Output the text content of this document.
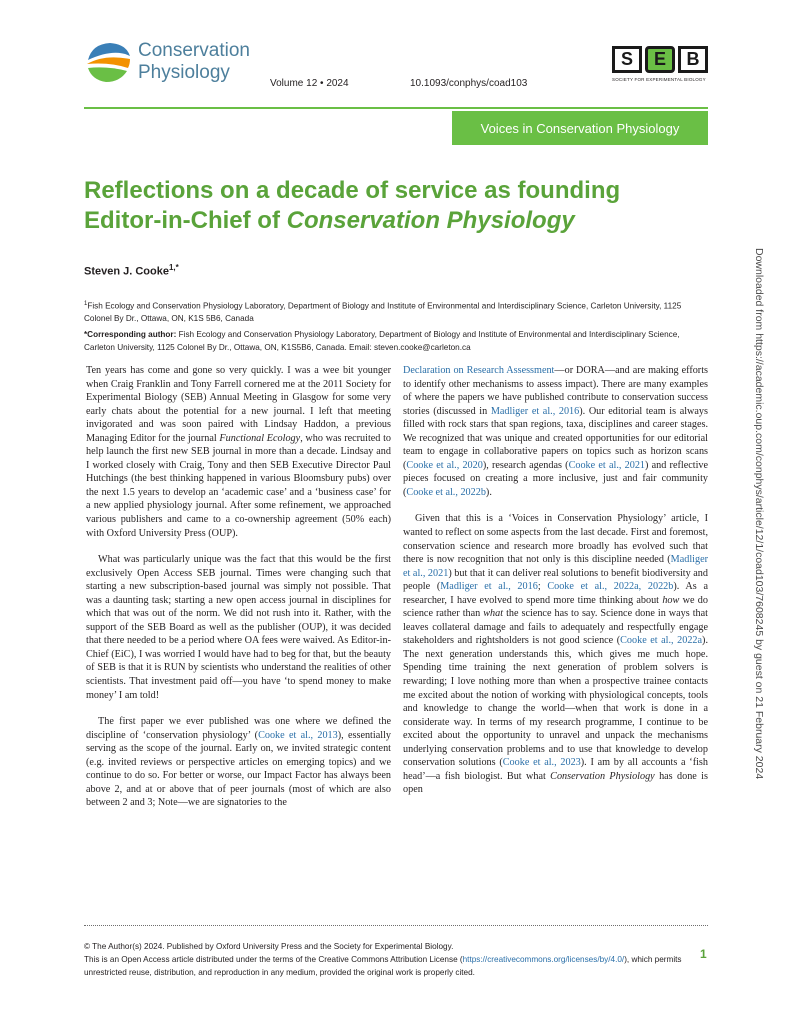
Conservation
Physiology
Volume 12 • 2024	10.1093/conphys/coad103
S	E	B
SOCIETY FOR EXPERIMENTAL BIOLOGY
Voices in Conservation Physiology
Reflections on a decade of service as founding Editor-in-Chief of Conservation Physiology
Steven J. Cooke$^{1,*}$
$^1$Fish Ecology and Conservation Physiology Laboratory, Department of Biology and Institute of Environmental and Interdisciplinary Science, Carleton University, 1125 Colonel By Dr., Ottawa, ON, K1S 5B6, Canada
*Corresponding author: Fish Ecology and Conservation Physiology Laboratory, Department of Biology and Institute of Environmental and Interdisciplinary Science, Carleton University, 1125 Colonel By Dr., Ottawa, ON, K1S5B6, Canada. Email: steven.cooke@carleton.ca

Ten years has come and gone so very quickly. I was a wee bit younger when Craig Franklin and Tony Farrell cornered me at the 2011 Society for Experimental Biology (SEB) Annual Meeting in Glasgow for some very early chats about the potential for a new journal. I left that meeting invigorated and was soon paired with Lindsay Haddon, a previous Managing Editor for the journal Functional Ecology, who was recruited to help launch the first new SEB journal in more than a decade. Lindsay and I worked closely with Craig, Tony and then SEB Executive Director Paul Hutchings (the best thinking happened in various Bloomsbury pubs) over the next 1.5 years to develop an ‘academic case’ and a ‘business case’ for a new applied physiology journal. After some refinement, we approached various publishers and came to a co-ownership agreement (50% each) with Oxford University Press (OUP).

What was particularly unique was the fact that this would be the first exclusively Open Access SEB journal. Times were changing such that starting a new subscription-based journal was simply not possible. That was a daunting task; starting a new open access journal in disciplines for which that was out of the norm. We did not rush into it. Rather, with the support of the SEB Board as well as the publisher (OUP), it was decided that there needed to be a period where OA fees were waived. As Editor-in-Chief (EiC), I was worried I would have had to beg for that, but the beauty of SEB is that it is RUN by scientists who understand the realities of other scientists. That investment paid off—you have ‘to spend money to make money’ I am told!

The first paper we ever published was one where we defined the discipline of ‘conservation physiology’ (Cooke et al., 2013), essentially serving as the scope of the journal. Early on, we invited strategic content (e.g. invited reviews or perspective articles on emerging topics) and we continue to do so. For better or worse, our Impact Factor has always been above 2, and at or above that of peer journals (most of which are also between 2 and 3; Note—we are signatories to the

Declaration on Research Assessment—or DORA—and are making efforts to identify other mechanisms to assess impact). There are many examples of where the papers we have published contribute to conservation success stories (discussed in Madliger et al., 2016). Our editorial team is always filled with rock stars that span regions, taxa, disciplines and career stages. We recognized that was unique and created opportunities for our editorial team to engage in collaborative papers on topics such as horizon scans (Cooke et al., 2020), research agendas (Cooke et al., 2021) and reflective pieces focused on creating a more inclusive, just and fair community (Cooke et al., 2022b).

Given that this is a ‘Voices in Conservation Physiology’ article, I wanted to reflect on some aspects from the last decade. First and foremost, conservation science and research more broadly has evolved such that there is now recognition that not only is this discipline needed (Madliger et al., 2021) but that it can deliver real solutions to benefit biodiversity and people (Madliger et al., 2016; Cooke et al., 2022a, 2022b). As a researcher, I have evolved to spend more time thinking about how we do science rather than what the science has to say. Science done in ways that leaves collateral damage and fails to adequately and respectfully engage stakeholders and rightsholders is not good science (Cooke et al., 2022a). The next generation understands this, which gives me much hope. Spending time training the next generation of problem solvers is rewarding; I love nothing more than when a prospective trainee contacts me excited about the notion of working with physiological concepts, tools and knowledge to change the world—when that work is done in a considerate way. In terms of my research programme, I continue to be excited about the opportunity to unravel and unpack the mechanisms underlying conservation problems and to use that knowledge to develop conservation solutions (Cooke et al., 2023). I am by all accounts a ‘fish head’—a fish biologist. But what Conservation Physiology has done is open

© The Author(s) 2024. Published by Oxford University Press and the Society for Experimental Biology.
This is an Open Access article distributed under the terms of the Creative Commons Attribution License (https://creativecommons.org/licenses/by/4.0/), which permits unrestricted reuse, distribution, and reproduction in any medium, provided the original work is properly cited.
1
Downloaded from https://academic.oup.com/conphys/article/12/1/coad103/7608245 by guest on 21 February 2024
